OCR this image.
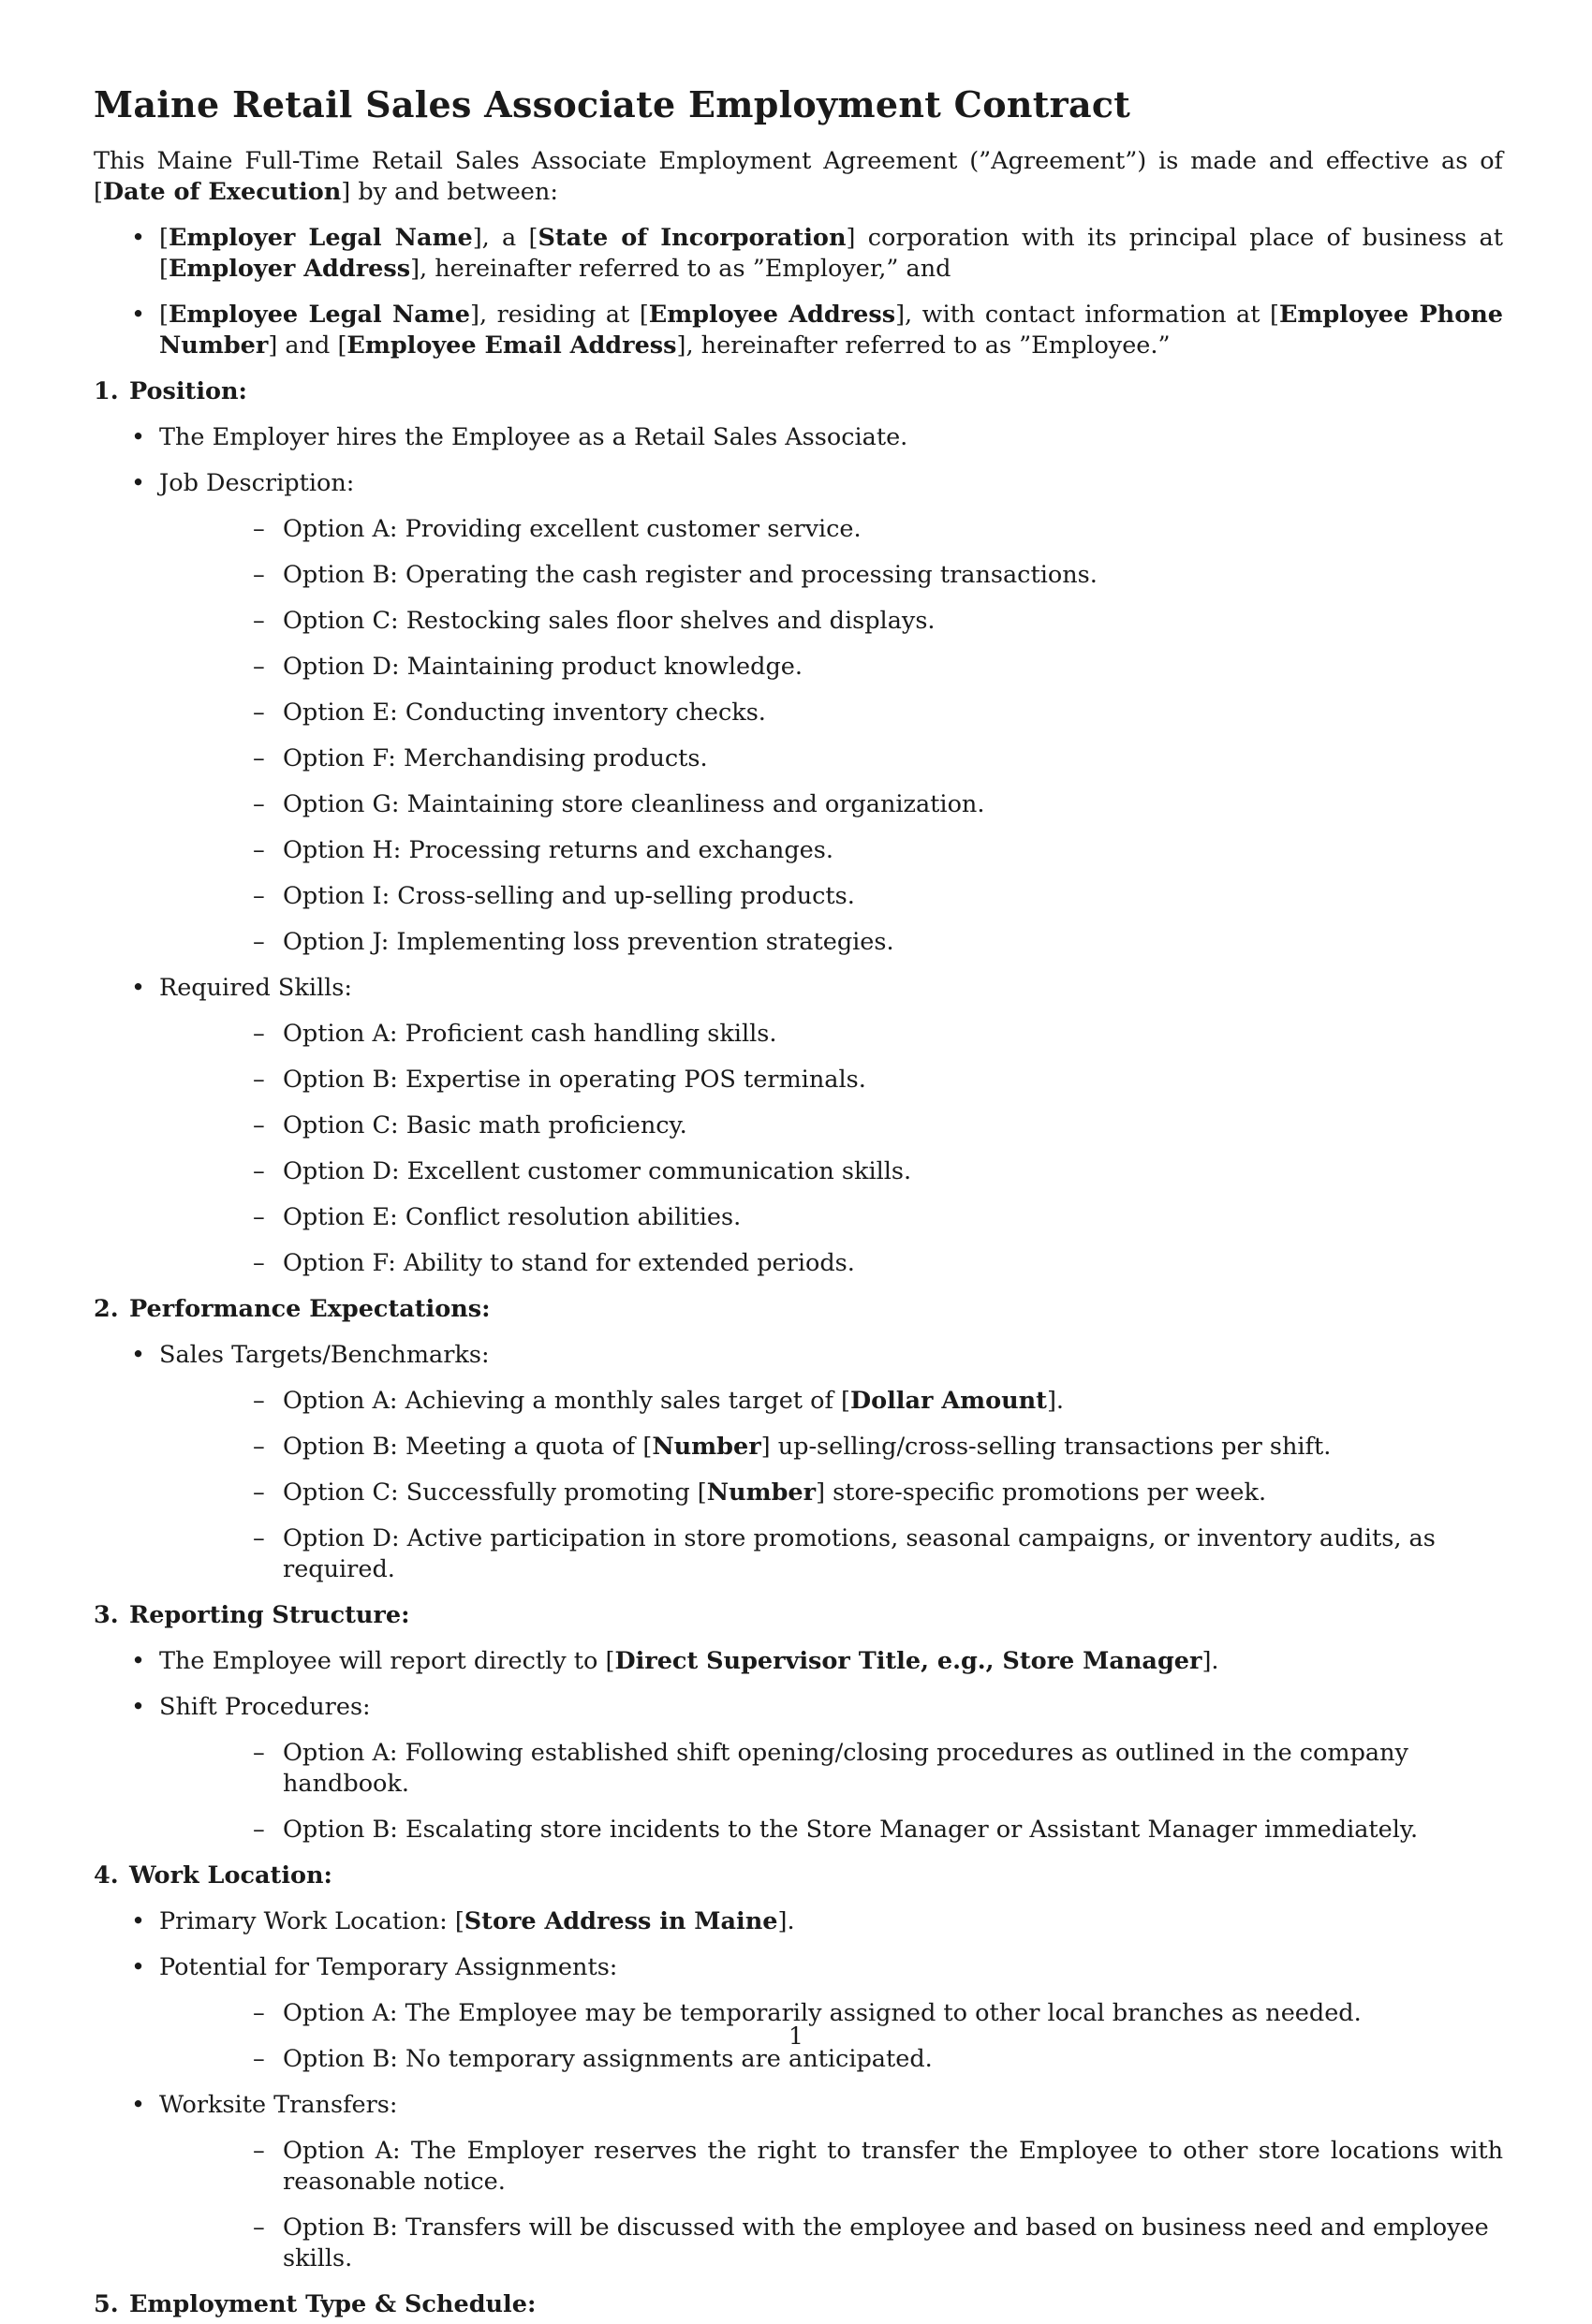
Maine Retail Sales Associate Employment Contract

This Maine Full-Time Retail Sales Associate Employment Agreement (”Agreement”) is made and effective as of [Date of Execution] by and between:

• [Employer Legal Name], a [State of Incorporation] corporation with its principal place of business at [Employer Address], hereinafter referred to as ”Employer,” and
• [Employee Legal Name], residing at [Employee Address], with contact information at [Employee Phone Number] and [Employee Email Address], hereinafter referred to as ”Employee.”
1. Position:
• The Employer hires the Employee as a Retail Sales Associate.
• Job Description:
– Option A: Providing excellent customer service.
– Option B: Operating the cash register and processing transactions.
– Option C: Restocking sales floor shelves and displays.
– Option D: Maintaining product knowledge.
– Option E: Conducting inventory checks.
– Option F: Merchandising products.
– Option G: Maintaining store cleanliness and organization.
– Option H: Processing returns and exchanges.
– Option I: Cross-selling and up-selling products.
– Option J: Implementing loss prevention strategies.
• Required Skills:
– Option A: Proficient cash handling skills.
– Option B: Expertise in operating POS terminals.
– Option C: Basic math proficiency.
– Option D: Excellent customer communication skills.
– Option E: Conflict resolution abilities.
– Option F: Ability to stand for extended periods.
2. Performance Expectations:
• Sales Targets/Benchmarks:
– Option A: Achieving a monthly sales target of [Dollar Amount].
– Option B: Meeting a quota of [Number] up-selling/cross-selling transactions per shift.
– Option C: Successfully promoting [Number] store-specific promotions per week.
– Option D: Active participation in store promotions, seasonal campaigns, or inventory audits, as required.
3. Reporting Structure:
• The Employee will report directly to [Direct Supervisor Title, e.g., Store Manager].
• Shift Procedures:
– Option A: Following established shift opening/closing procedures as outlined in the company handbook.
– Option B: Escalating store incidents to the Store Manager or Assistant Manager immediately.
4. Work Location:
• Primary Work Location: [Store Address in Maine].
• Potential for Temporary Assignments:
– Option A: The Employee may be temporarily assigned to other local branches as needed.
– Option B: No temporary assignments are anticipated.
• Worksite Transfers:
– Option A: The Employer reserves the right to transfer the Employee to other store locations with reasonable notice.
– Option B: Transfers will be discussed with the employee and based on business need and employee skills.
5. Employment Type & Schedule:
1
